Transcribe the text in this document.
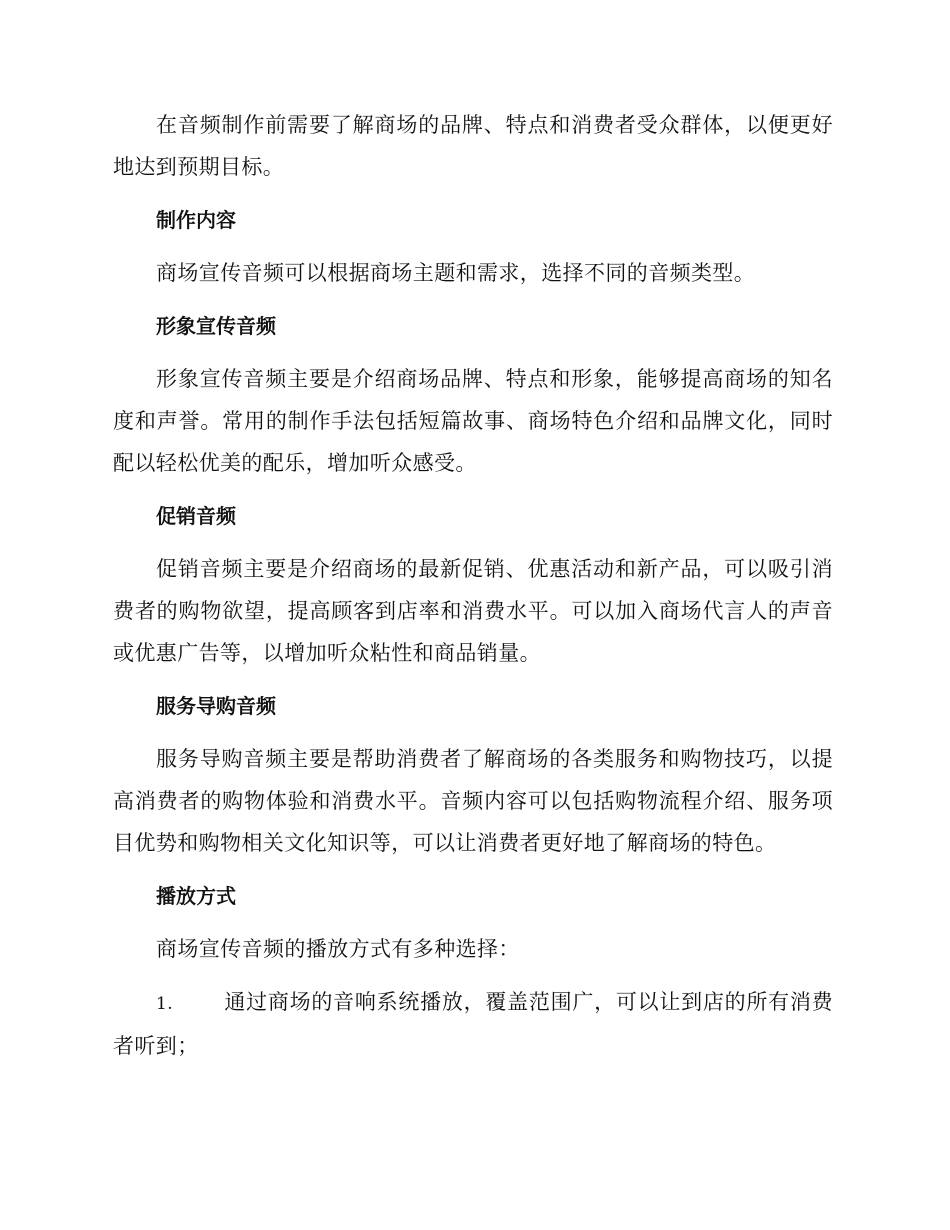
在音频制作前需要了解商场的品牌、特点和消费者受众群体，以便更好地达到预期目标。

制作内容

商场宣传音频可以根据商场主题和需求，选择不同的音频类型。

形象宣传音频

形象宣传音频主要是介绍商场品牌、特点和形象，能够提高商场的知名度和声誉。常用的制作手法包括短篇故事、商场特色介绍和品牌文化，同时配以轻松优美的配乐，增加听众感受。

促销音频

促销音频主要是介绍商场的最新促销、优惠活动和新产品，可以吸引消费者的购物欲望，提高顾客到店率和消费水平。可以加入商场代言人的声音或优惠广告等，以增加听众粘性和商品销量。

服务导购音频

服务导购音频主要是帮助消费者了解商场的各类服务和购物技巧，以提高消费者的购物体验和消费水平。音频内容可以包括购物流程介绍、服务项目优势和购物相关文化知识等，可以让消费者更好地了解商场的特色。

播放方式

商场宣传音频的播放方式有多种选择：

1. 通过商场的音响系统播放，覆盖范围广，可以让到店的所有消费者听到；
